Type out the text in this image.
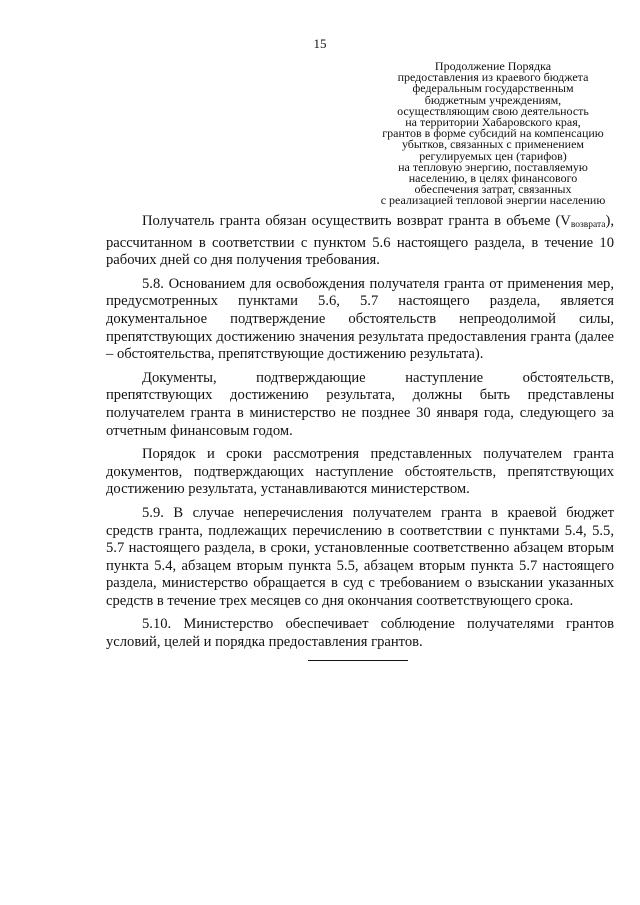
15
Продолжение Порядка
предоставления из краевого бюджета
федеральным государственным
бюджетным учреждениям,
осуществляющим свою деятельность
на территории Хабаровского края,
грантов в форме субсидий на компенсацию
убытков, связанных с применением
регулируемых цен (тарифов)
на тепловую энергию, поставляемую
населению, в целях финансового
обеспечения затрат, связанных
с реализацией тепловой энергии населению

Получатель гранта обязан осуществить возврат гранта в объеме $(V_{возврата})$, рассчитанном в соответствии с пунктом 5.6 настоящего раздела, в течение 10 рабочих дней со дня получения требования.

5.8. Основанием для освобождения получателя гранта от применения мер, предусмотренных пунктами 5.6, 5.7 настоящего раздела, является документальное подтверждение обстоятельств непреодолимой силы, препятствующих достижению значения результата предоставления гранта (далее – обстоятельства, препятствующие достижению результата).

Документы, подтверждающие наступление обстоятельств, препятствующих достижению результата, должны быть представлены получателем гранта в министерство не позднее 30 января года, следующего за отчетным финансовым годом.

Порядок и сроки рассмотрения представленных получателем гранта документов, подтверждающих наступление обстоятельств, препятствующих достижению результата, устанавливаются министерством.

5.9. В случае неперечисления получателем гранта в краевой бюджет средств гранта, подлежащих перечислению в соответствии с пунктами 5.4, 5.5, 5.7 настоящего раздела, в сроки, установленные соответственно абзацем вторым пункта 5.4, абзацем вторым пункта 5.5, абзацем вторым пункта 5.7 настоящего раздела, министерство обращается в суд с требованием о взыскании указанных средств в течение трех месяцев со дня окончания соответствующего срока.

5.10. Министерство обеспечивает соблюдение получателями грантов условий, целей и порядка предоставления грантов.
